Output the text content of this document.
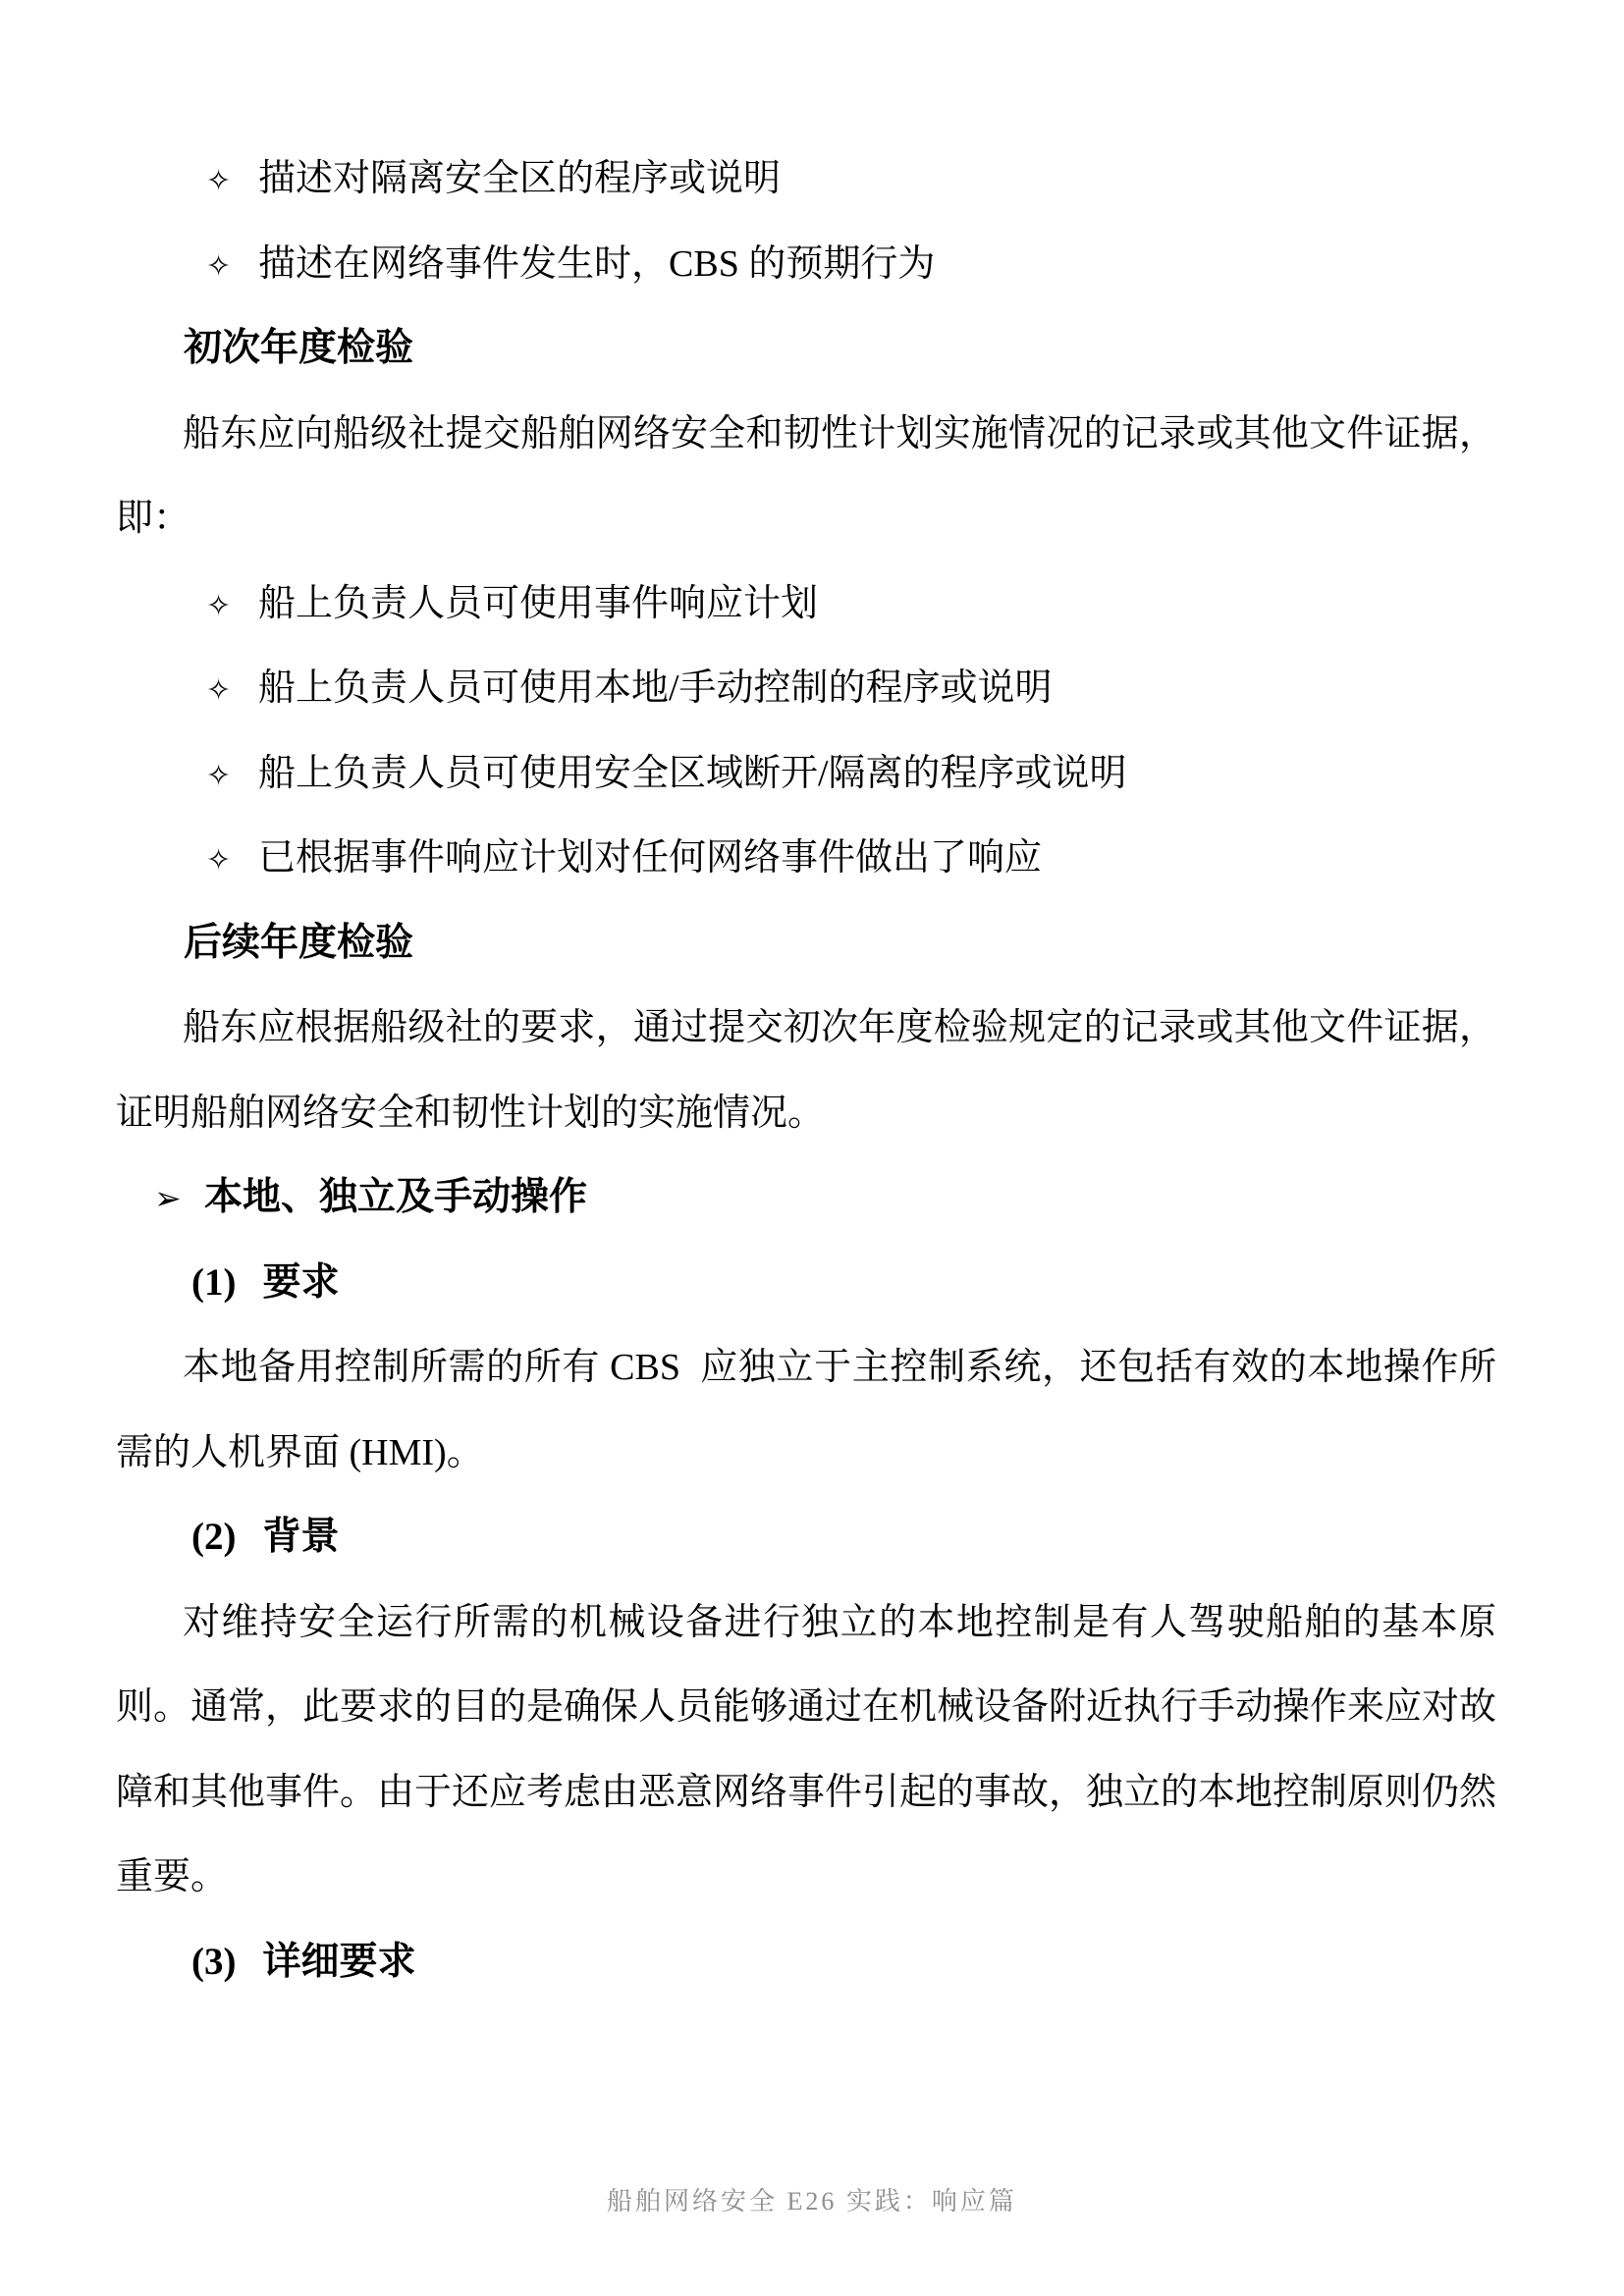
✧ 描述对隔离安全区的程序或说明
✧ 描述在网络事件发生时，CBS 的预期行为
初次年度检验
船东应向船级社提交船舶网络安全和韧性计划实施情况的记录或其他文件证据，
即：
✧ 船上负责人员可使用事件响应计划
✧ 船上负责人员可使用本地/手动控制的程序或说明
✧ 船上负责人员可使用安全区域断开/隔离的程序或说明
✧ 已根据事件响应计划对任何网络事件做出了响应
后续年度检验
船东应根据船级社的要求，通过提交初次年度检验规定的记录或其他文件证据，
证明船舶网络安全和韧性计划的实施情况。
➢ 本地、独立及手动操作
(1) 要求
本地备用控制所需的所有 CBS  应独立于主控制系统，还包括有效的本地操作所
需的人机界面 (HMI)。
(2) 背景
对维持安全运行所需的机械设备进行独立的本地控制是有人驾驶船舶的基本原
则。通常，此要求的目的是确保人员能够通过在机械设备附近执行手动操作来应对故
障和其他事件。由于还应考虑由恶意网络事件引起的事故，独立的本地控制原则仍然
重要。
(3) 详细要求
船舶网络安全 E26 实践：响应篇
